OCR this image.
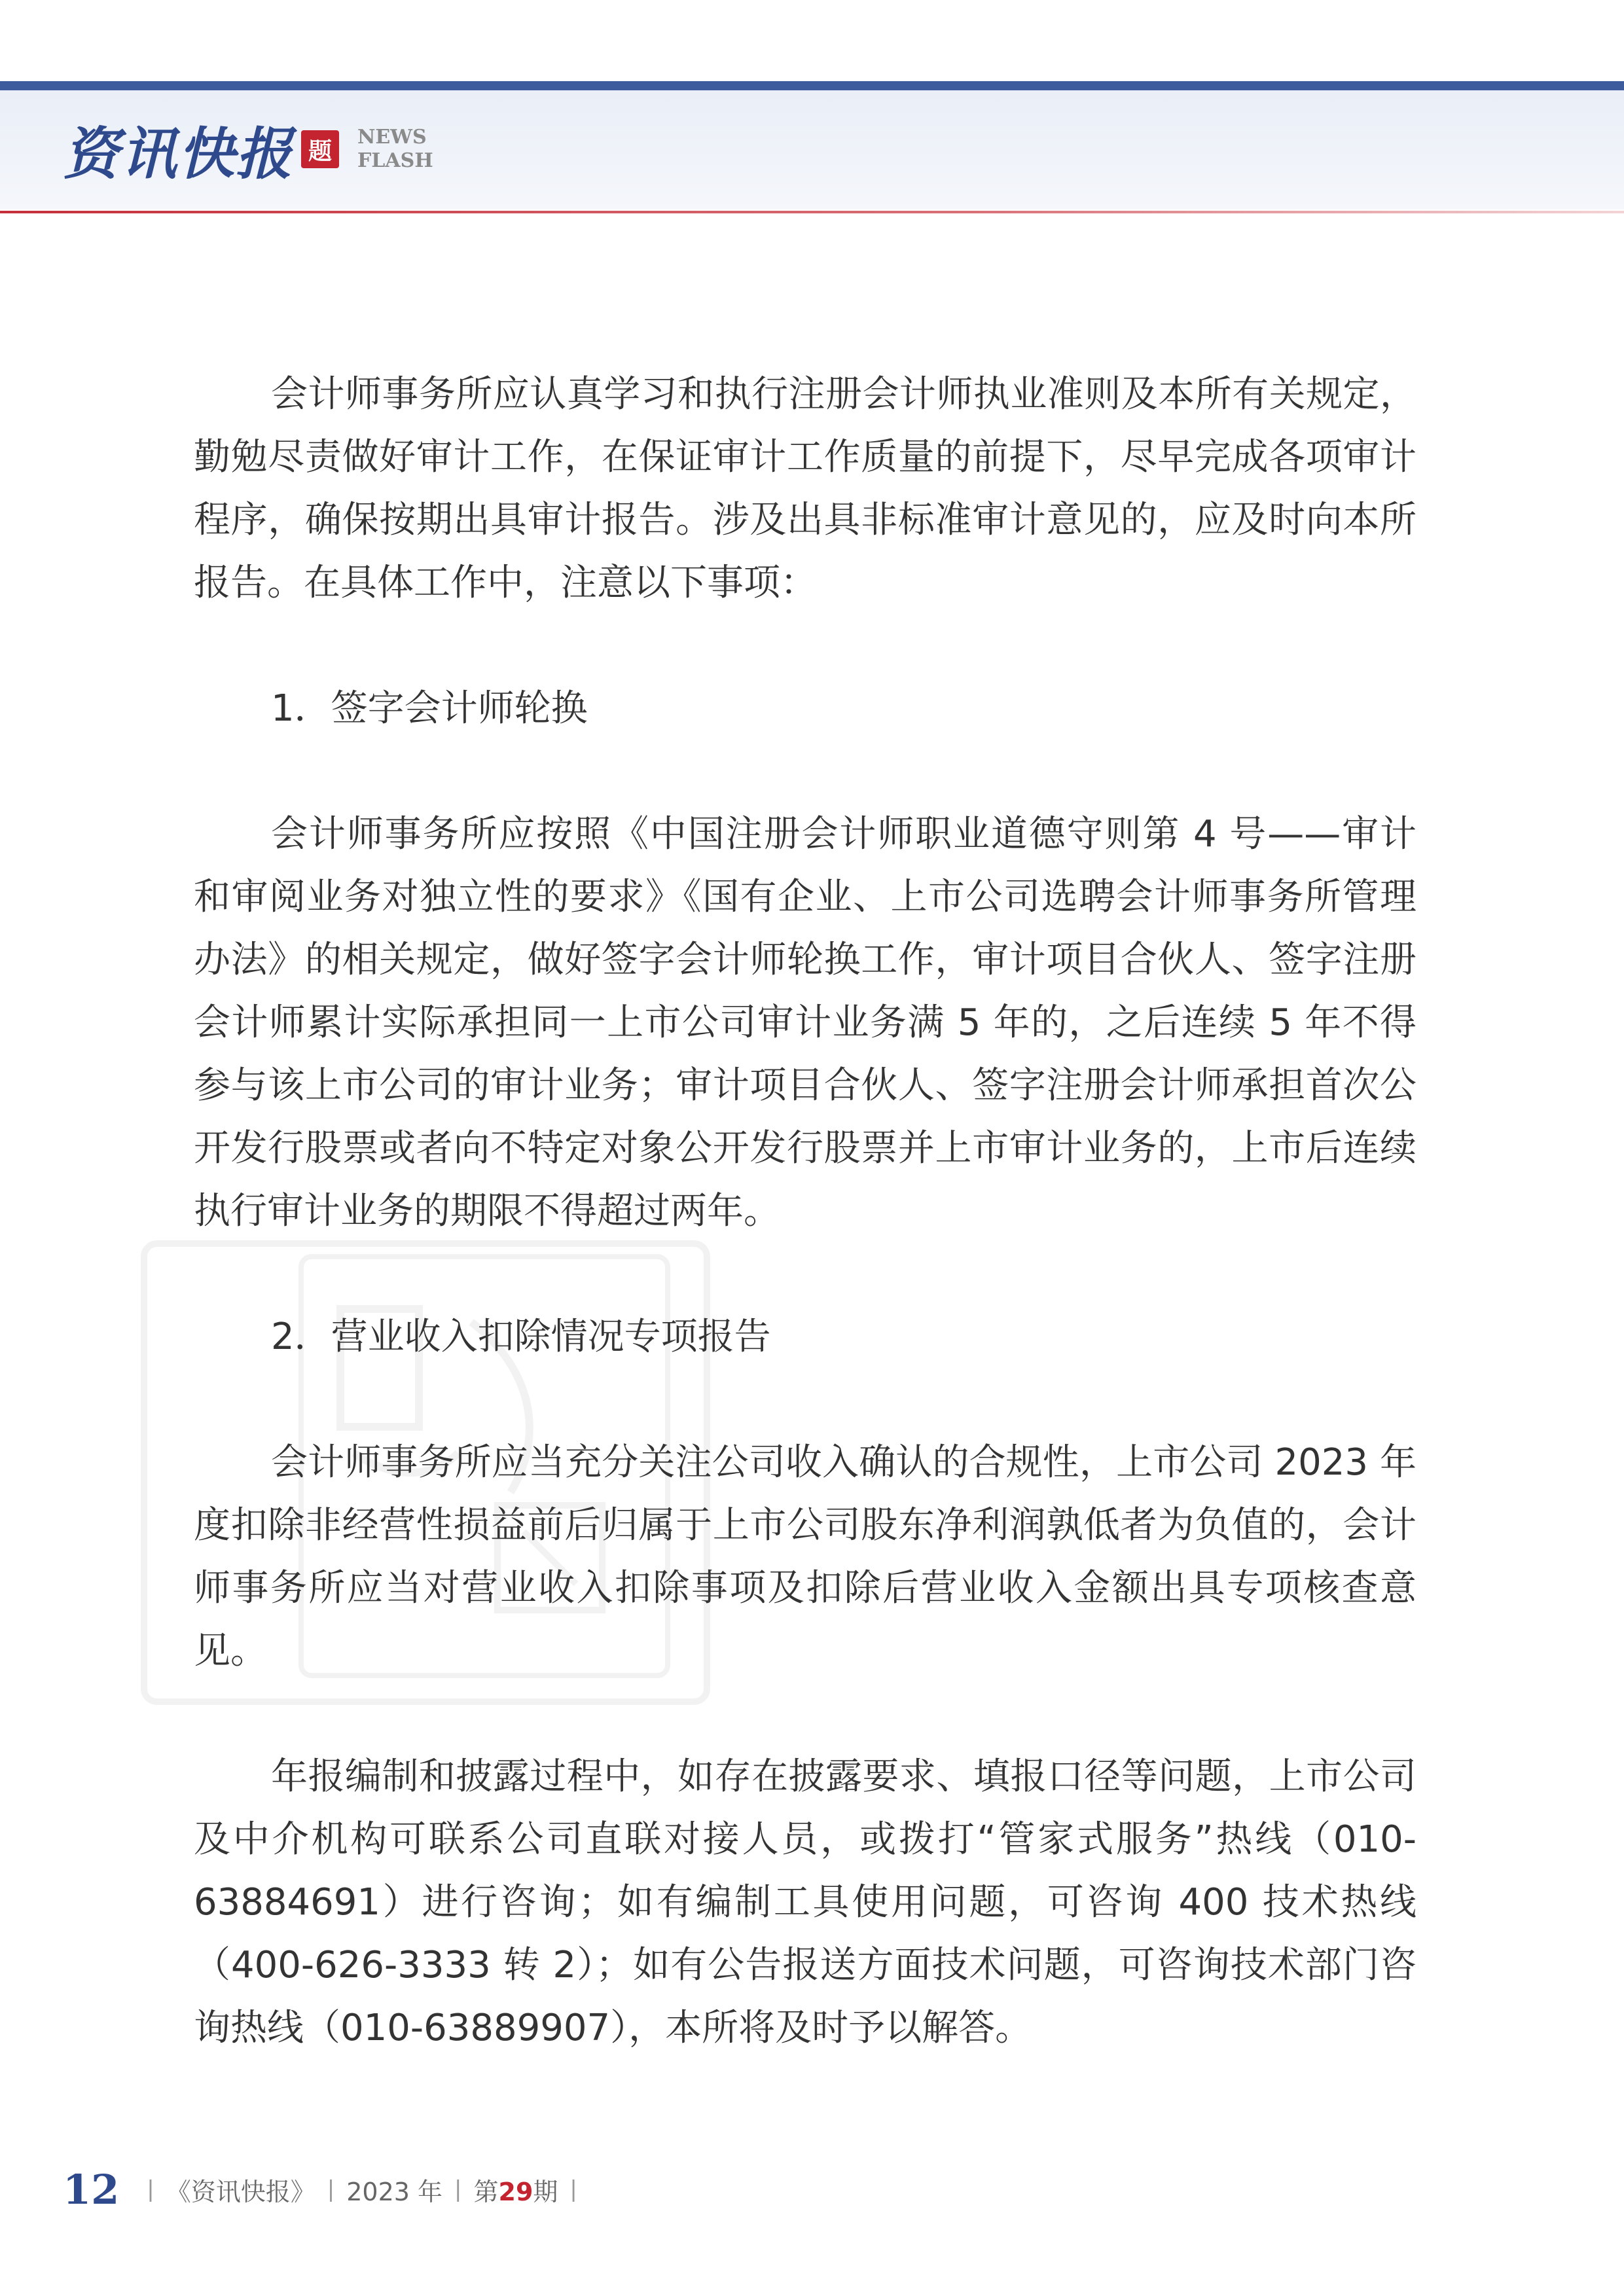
资讯快报 题	NEWS
FLASH

会计师事务所应认真学习和执行注册会计师执业准则及本所有关规定，勤勉尽责做好审计工作，在保证审计工作质量的前提下，尽早完成各项审计程序，确保按期出具审计报告。涉及出具非标准审计意见的，应及时向本所报告。在具体工作中，注意以下事项：

1．签字会计师轮换

会计师事务所应按照《中国注册会计师职业道德守则第 4 号——审计和审阅业务对独立性的要求》《国有企业、上市公司选聘会计师事务所管理办法》的相关规定，做好签字会计师轮换工作，审计项目合伙人、签字注册会计师累计实际承担同一上市公司审计业务满 5 年的，之后连续 5 年不得参与该上市公司的审计业务；审计项目合伙人、签字注册会计师承担首次公开发行股票或者向不特定对象公开发行股票并上市审计业务的，上市后连续执行审计业务的期限不得超过两年。

2．营业收入扣除情况专项报告

会计师事务所应当充分关注公司收入确认的合规性，上市公司 2023 年度扣除非经营性损益前后归属于上市公司股东净利润孰低者为负值的，会计师事务所应当对营业收入扣除事项及扣除后营业收入金额出具专项核查意见。

年报编制和披露过程中，如存在披露要求、填报口径等问题，上市公司及中介机构可联系公司直联对接人员，或拨打“管家式服务”热线（010-63884691）进行咨询；如有编制工具使用问题，可咨询 400 技术热线（400-626-3333 转 2）；如有公告报送方面技术问题，可咨询技术部门咨询热线（010-63889907），本所将及时予以解答。

12 | 《资讯快报》 | 2023 年 | 第29期 |
